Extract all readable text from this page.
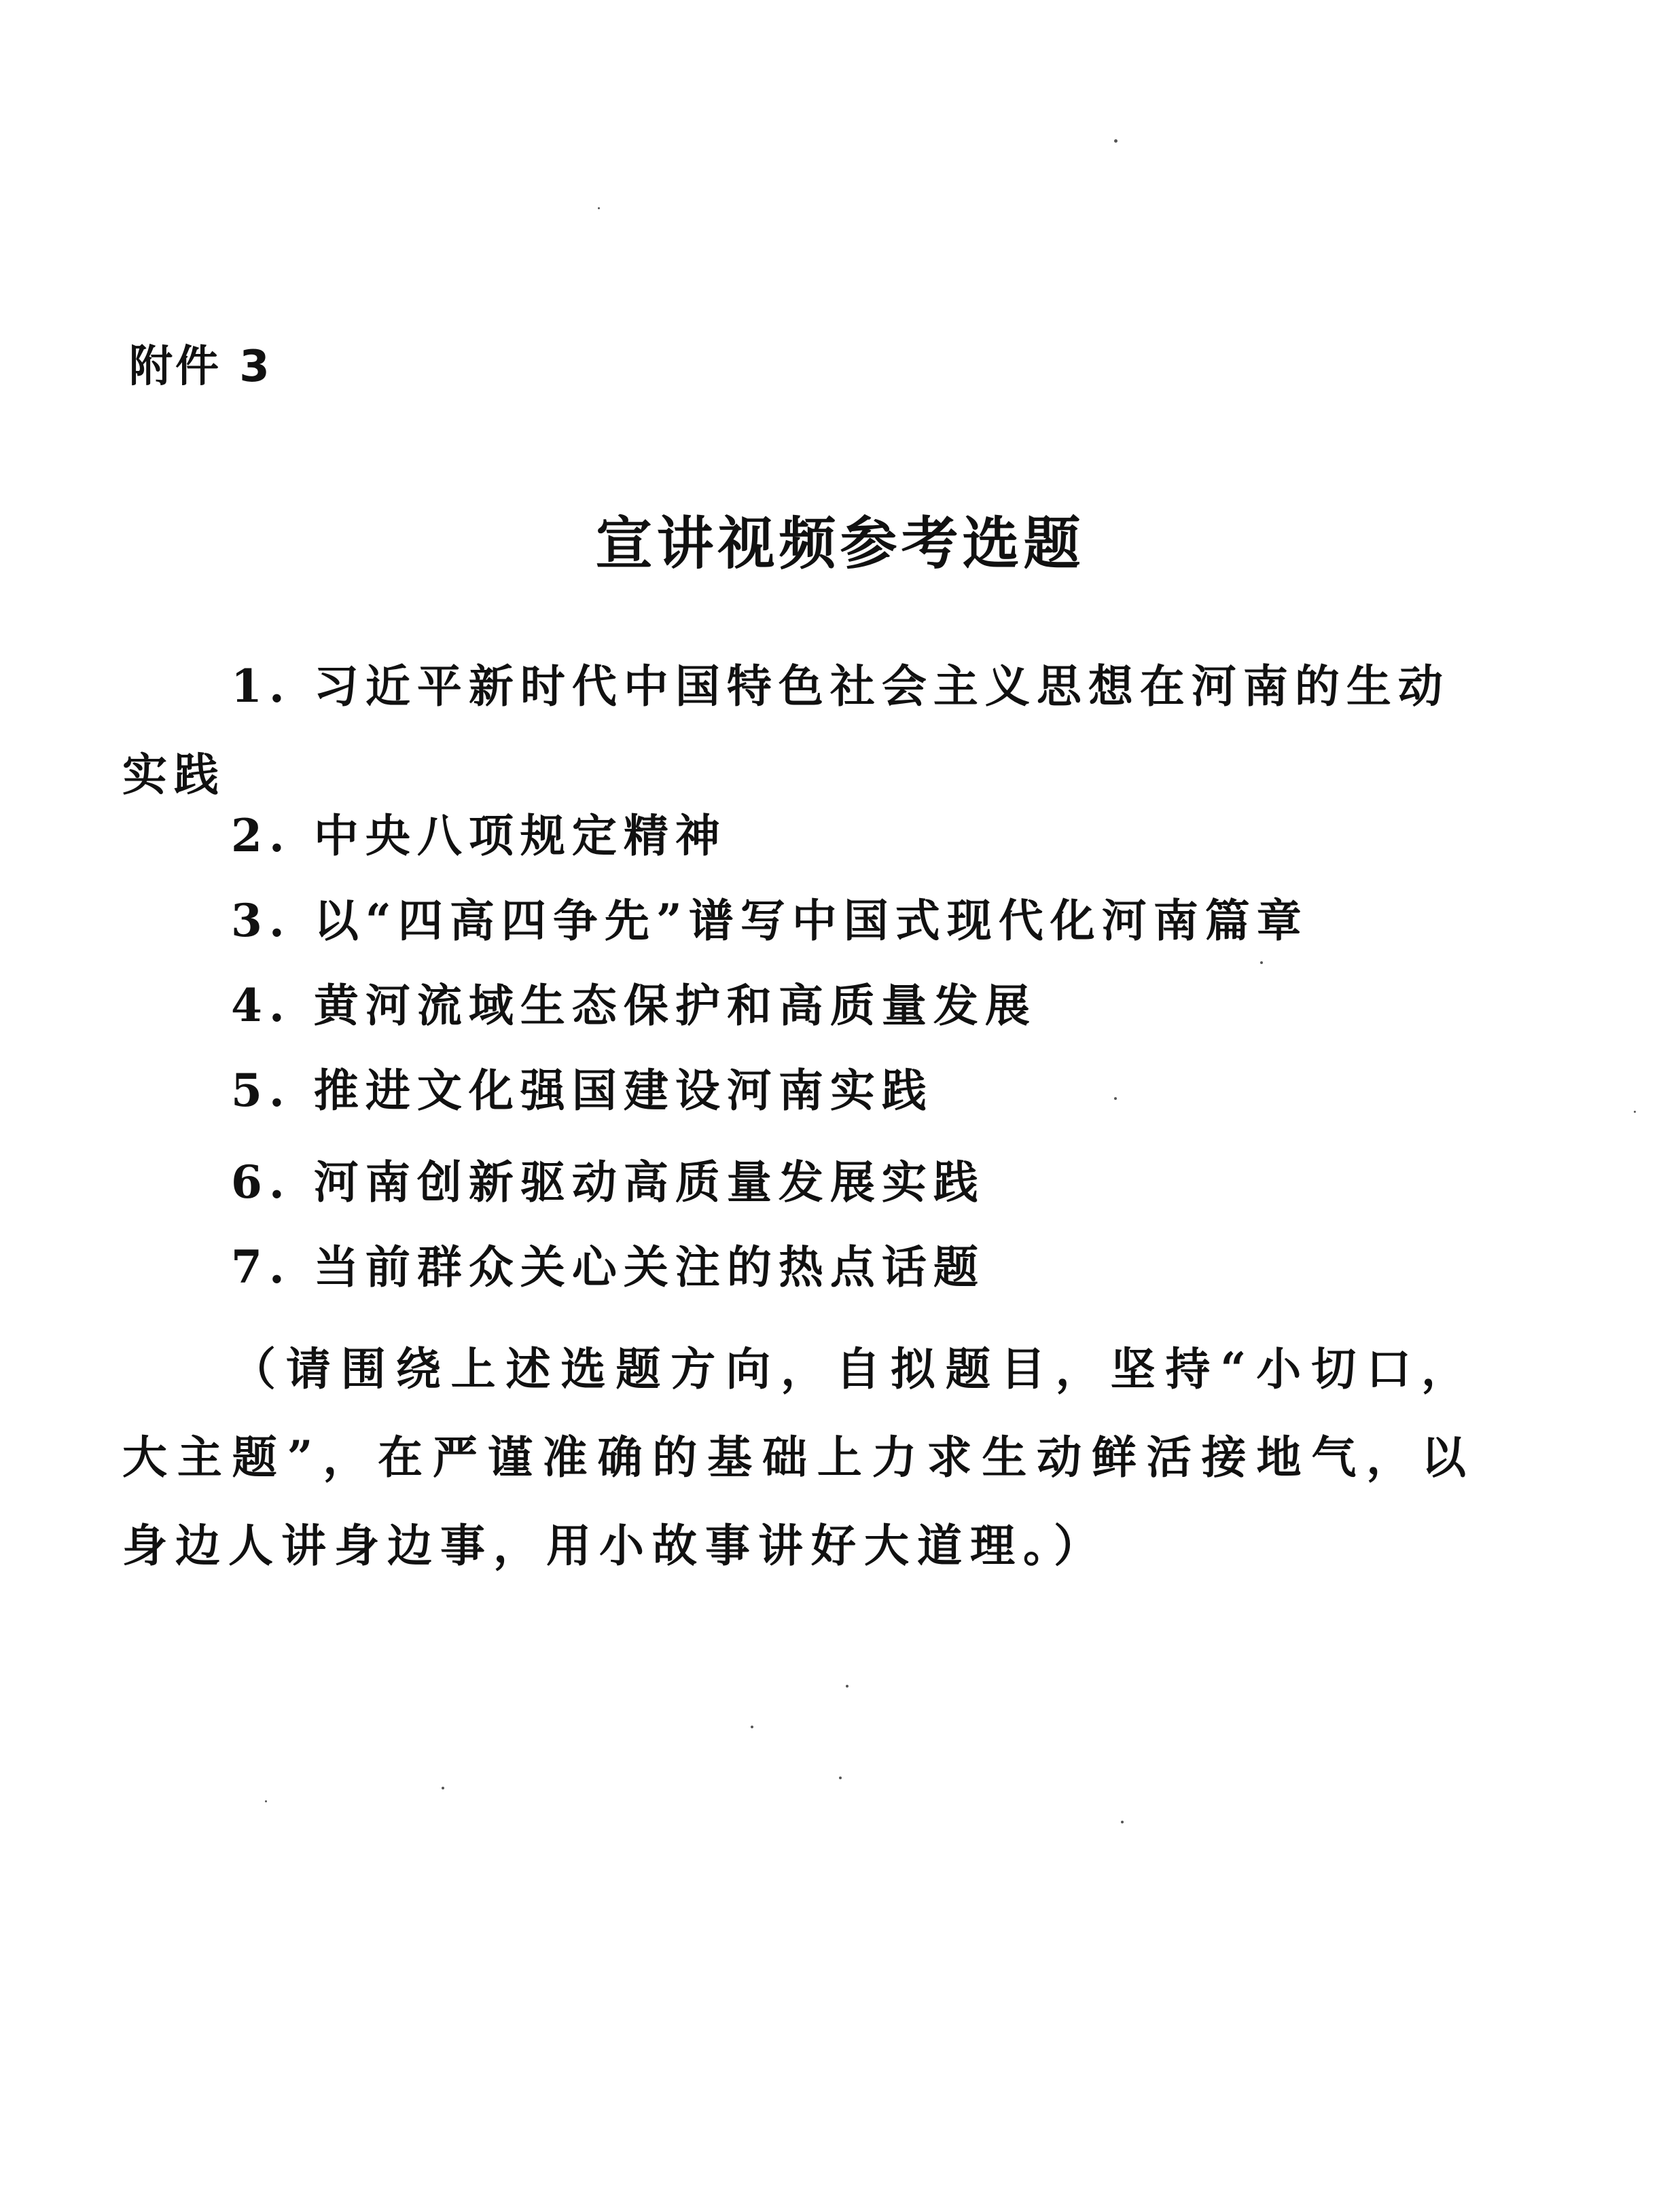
附件 3
宣讲视频参考选题
1. 习近平新时代中国特色社会主义思想在河南的生动实践
2. 中央八项规定精神
3. 以“四高四争先”谱写中国式现代化河南篇章
4. 黄河流域生态保护和高质量发展
5. 推进文化强国建设河南实践
6. 河南创新驱动高质量发展实践
7. 当前群众关心关注的热点话题
（请围绕上述选题方向，自拟题目，坚持“小切口，大主题”，在严谨准确的基础上力求生动鲜活接地气，以身边人讲身边事，用小故事讲好大道理。）
